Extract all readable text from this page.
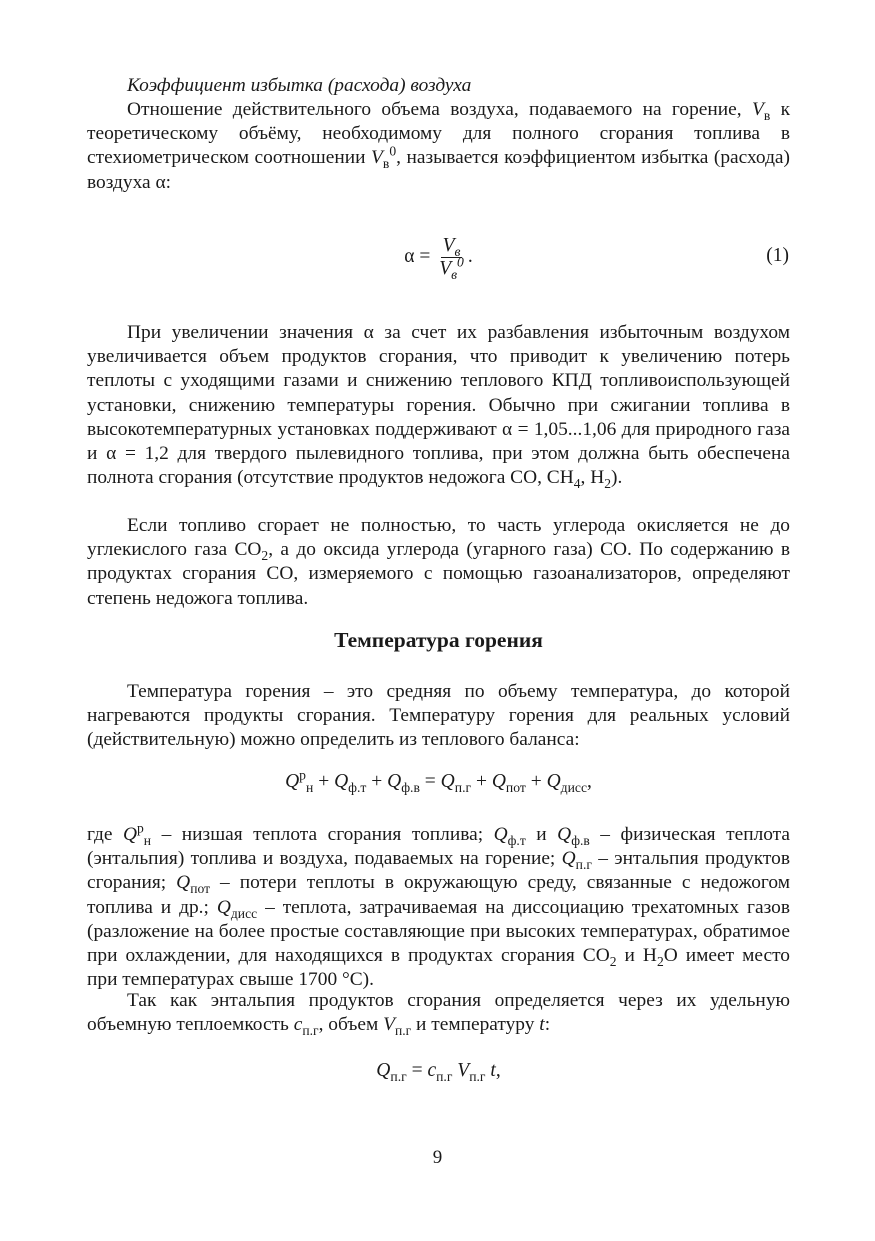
Коэффициент избытка (расхода) воздуха

Отношение действительного объема воздуха, подаваемого на горение, $V_в$ к теоретическому объёму, необходимому для полного сгорания топлива в стехиометрическом соотношении $V_в^0$, называется коэффициентом избытка (расхода) воздуха α:

$\alpha = \frac{V_в}{V_в^0}$ .	(1)

При увеличении значения α за счет их разбавления избыточным воздухом увеличивается объем продуктов сгорания, что приводит к увеличению потерь теплоты с уходящими газами и снижению теплового КПД топливоиспользующей установки, снижению температуры горения. Обычно при сжигании топлива в высокотемпературных установках поддерживают α = 1,05...1,06 для природного газа и α = 1,2 для твердого пылевидного топлива, при этом должна быть обеспечена полнота сгорания (отсутствие продуктов недожога CO, $CH_4$, $H_2$).

Если топливо сгорает не полностью, то часть углерода окисляется не до углекислого газа $CO_2$, а до оксида углерода (угарного газа) CO. По содержанию в продуктах сгорания CO, измеряемого с помощью газоанализаторов, определяют степень недожога топлива.

Температура горения

Температура горения – это средняя по объему температура, до которой нагреваются продукты сгорания. Температуру горения для реальных условий (действительную) можно определить из теплового баланса:

$Q^р_н + Q_{ф.т} + Q_{ф.в} = Q_{п.г} + Q_{пот} + Q_{дисс}$,

где $Q^р_н$ – низшая теплота сгорания топлива; $Q_{ф.т}$ и $Q_{ф.в}$ – физическая теплота (энтальпия) топлива и воздуха, подаваемых на горение; $Q_{п.г}$ – энтальпия продуктов сгорания; $Q_{пот}$ – потери теплоты в окружающую среду, связанные с недожогом топлива и др.; $Q_{дисс}$ – теплота, затрачиваемая на диссоциацию трехатомных газов (разложение на более простые составляющие при высоких температурах, обратимое при охлаждении, для находящихся в продуктах сгорания $CO_2$ и $H_2O$ имеет место при температурах свыше 1700 °C).

Так как энтальпия продуктов сгорания определяется через их удельную объемную теплоемкость $c_{п.г}$, объем $V_{п.г}$ и температуру t:

$Q_{п.г} = c_{п.г}$ $V_{п.г}$ t,
9
